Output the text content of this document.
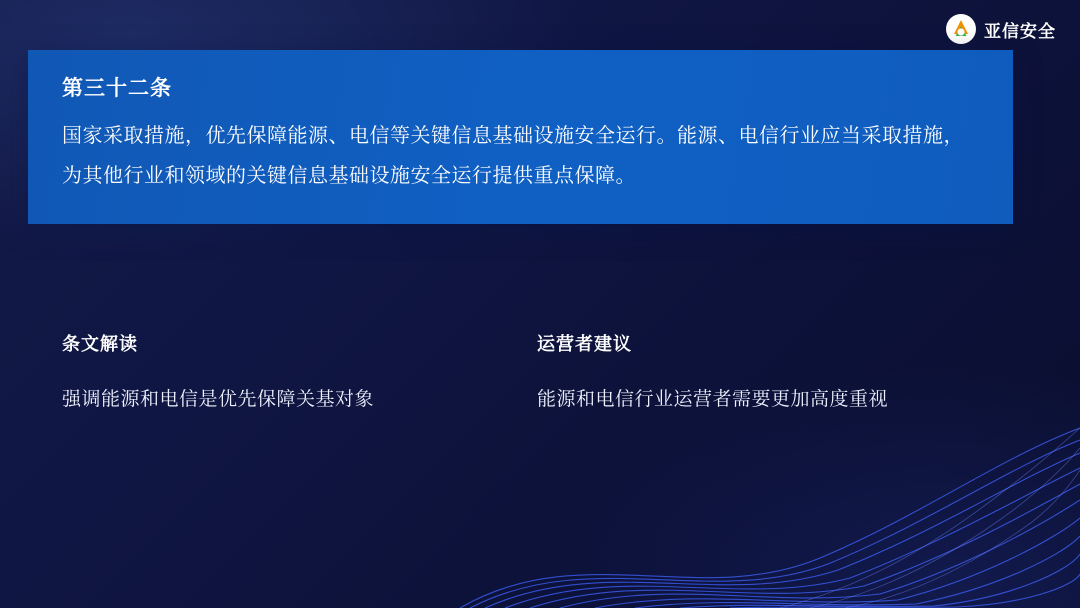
亚信安全
第三十二条
国家采取措施，优先保障能源、电信等关键信息基础设施安全运行。能源、电信行业应当采取措施，为其他行业和领域的关键信息基础设施安全运行提供重点保障。
条文解读
强调能源和电信是优先保障关基对象
运营者建议
能源和电信行业运营者需要更加高度重视
